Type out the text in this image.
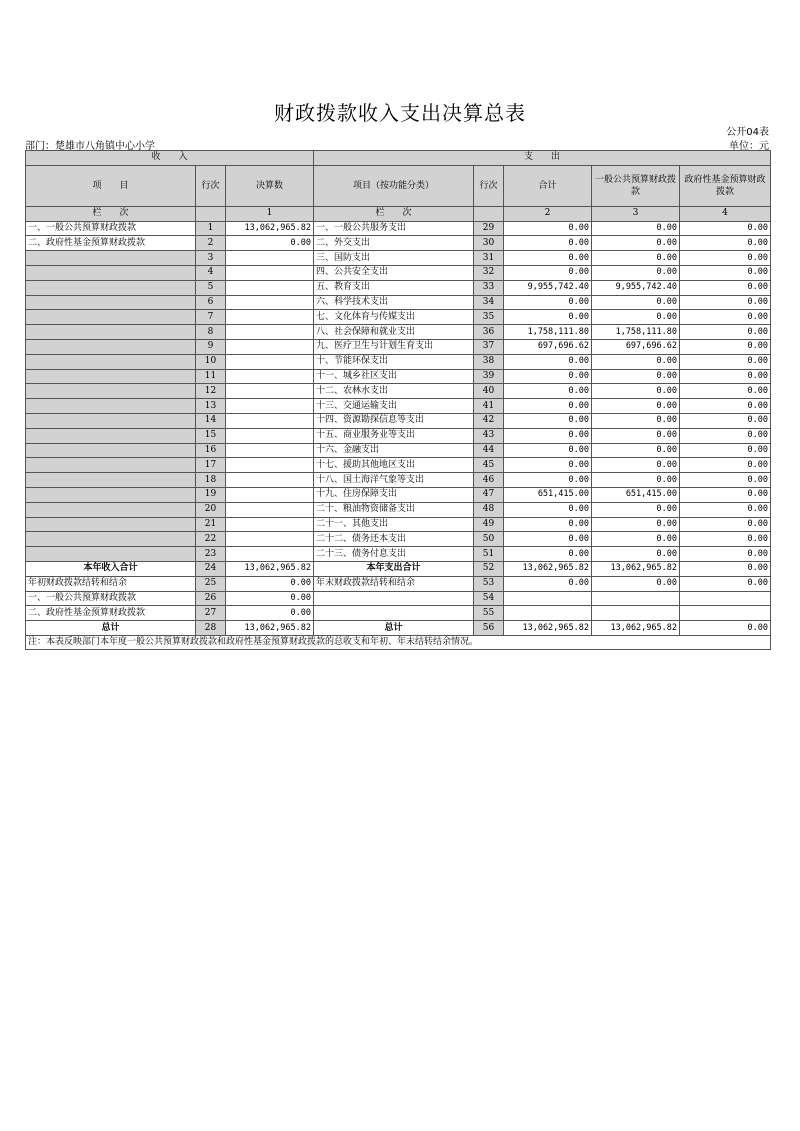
财政拨款收入支出决算总表
公开04表
部门：楚雄市八角镇中心小学	单位：元
收　　入			支　　出				
项　　目	行次	决算数	项目（按功能分类）	行次	合计	一般公共预算财政拨款	政府性基金预算财政拨款
栏　　次		1	栏　　次		2	3	4
一、一般公共预算财政拨款	1	13,062,965.82	一、一般公共服务支出	29	0.00	0.00	0.00
二、政府性基金预算财政拨款	2	0.00	二、外交支出	30	0.00	0.00	0.00
	3		三、国防支出	31	0.00	0.00	0.00
	4		四、公共安全支出	32	0.00	0.00	0.00
	5		五、教育支出	33	9,955,742.40	9,955,742.40	0.00
	6		六、科学技术支出	34	0.00	0.00	0.00
	7		七、文化体育与传媒支出	35	0.00	0.00	0.00
	8		八、社会保障和就业支出	36	1,758,111.80	1,758,111.80	0.00
	9		九、医疗卫生与计划生育支出	37	697,696.62	697,696.62	0.00
	10		十、节能环保支出	38	0.00	0.00	0.00
	11		十一、城乡社区支出	39	0.00	0.00	0.00
	12		十二、农林水支出	40	0.00	0.00	0.00
	13		十三、交通运输支出	41	0.00	0.00	0.00
	14		十四、资源勘探信息等支出	42	0.00	0.00	0.00
	15		十五、商业服务业等支出	43	0.00	0.00	0.00
	16		十六、金融支出	44	0.00	0.00	0.00
	17		十七、援助其他地区支出	45	0.00	0.00	0.00
	18		十八、国土海洋气象等支出	46	0.00	0.00	0.00
	19		十九、住房保障支出	47	651,415.00	651,415.00	0.00
	20		二十、粮油物资储备支出	48	0.00	0.00	0.00
	21		二十一、其他支出	49	0.00	0.00	0.00
	22		二十二、债务还本支出	50	0.00	0.00	0.00
	23		二十三、债务付息支出	51	0.00	0.00	0.00
本年收入合计	24	13,062,965.82	本年支出合计	52	13,062,965.82	13,062,965.82	0.00
年初财政拨款结转和结余	25	0.00	年末财政拨款结转和结余	53	0.00	0.00	0.00
一、一般公共预算财政拨款	26	0.00		54			
二、政府性基金预算财政拨款	27	0.00		55			
总计	28	13,062,965.82	总计	56	13,062,965.82	13,062,965.82	0.00
注：本表反映部门本年度一般公共预算财政拨款和政府性基金预算财政拨款的总收支和年初、年末结转结余情况。							
